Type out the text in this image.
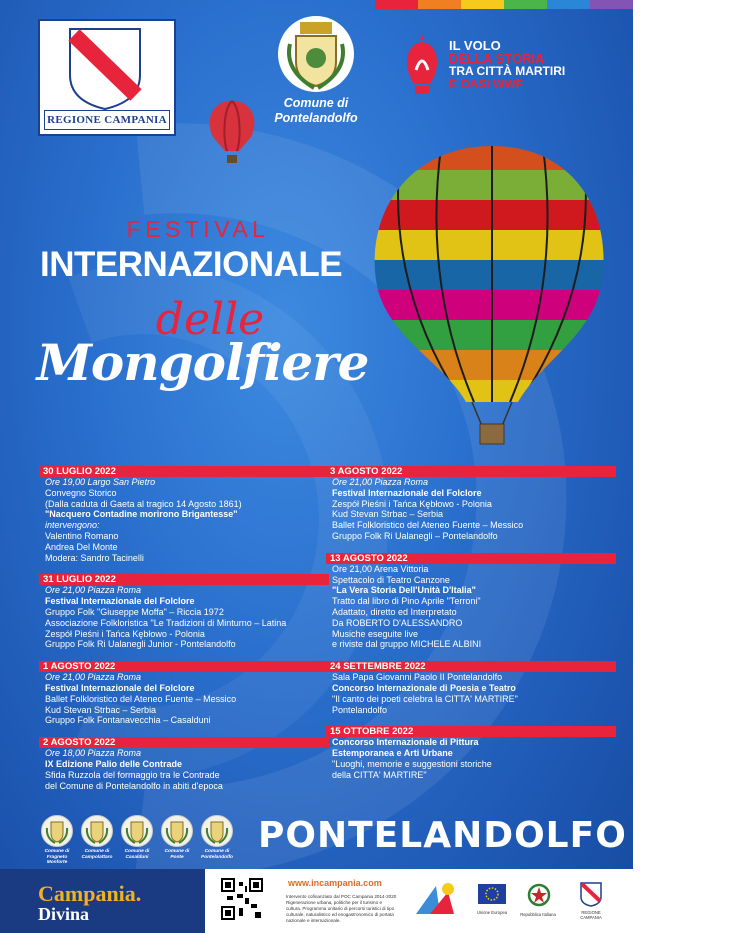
REGIONE CAMPANIA
Comune di
Pontelandolfo
IL VOLO
DELLA STORIA
TRA CITTÀ MARTIRI
E OASI WWF
FESTIVAL
INTERNAZIONALE
delle
Mongolfiere
30 LUGLIO 2022
Ore 19,00 Largo San Pietro
Convegno Storico
(Dalla caduta di Gaeta al tragico 14 Agosto 1861)
"Nacquero Contadine morirono Brigantesse"
intervengono:
Valentino Romano
Andrea Del Monte
Modera: Sandro Tacinelli
31 LUGLIO 2022
Ore 21,00 Piazza Roma
Festival Internazionale del Folclore
Gruppo Folk "Giuseppe Moffa" – Riccia 1972
Associazione Folkloristica "Le Tradizioni di Minturno – Latina
Zespół Pieśni i Tańca Kębłowo - Polonia
Gruppo Folk Ri Ualanegli Junior - Pontelandolfo
1 AGOSTO 2022
Ore 21,00 Piazza Roma
Festival Internazionale del Folclore
Ballet Folkloristico del Ateneo Fuente – Messico
Kud Stevan Strbac – Serbia
Gruppo Folk Fontanavecchia – Casalduni
2 AGOSTO 2022
Ore 18,00 Piazza Roma
IX Edizione Palio delle Contrade
Sfida Ruzzola del formaggio tra le Contrade
del Comune di Pontelandolfo in abiti d'epoca
3 AGOSTO 2022
Ore 21,00 Piazza Roma
Festival Internazionale del Folclore
Zespół Pieśni i Tańca Kębłowo - Polonia
Kud Stevan Strbac – Serbia
Ballet Folkloristico del Ateneo Fuente – Messico
Gruppo Folk Ri Ualanegli – Pontelandolfo
13 AGOSTO 2022
Ore 21,00 Arena Vittoria
Spettacolo di Teatro Canzone
"La Vera Storia Dell'Unità D'Italia"
Tratto dal libro di Pino Aprile "Terroni"
Adattato, diretto ed Interpretato
Da ROBERTO D'ALESSANDRO
Musiche eseguite live
e riviste dal gruppo MICHELE ALBINI
24 SETTEMBRE 2022
Sala Papa Giovanni Paolo II Pontelandolfo
Concorso Internazionale di Poesia e Teatro
"Il canto dei poeti celebra la CITTA' MARTIRE"
Pontelandolfo
15 OTTOBRE 2022
Concorso Internazionale di Pittura
Estemporanea e Arti Urbane
"Luoghi, memorie e suggestioni storiche
della CITTA' MARTIRE"
Comune di
Fragneto Monforte
Comune di
Campolattaro
Comune di
Casalduni
Comune di
Ponte
Comune di
Pontelandolfo
PONTELANDOLFO (BN)
Campania.
Divina
www.incampania.com
Intervento cofinanziato dal POC Campania 2014-2020 Rigenerazione urbana, politiche per il turismo e cultura. Programma unitario di percorsi turistici di tipo culturale, naturalistico ed enogastronomico di portata nazionale e internazionale.
Unione Europea	Repubblica Italiana	REGIONE CAMPANIA
